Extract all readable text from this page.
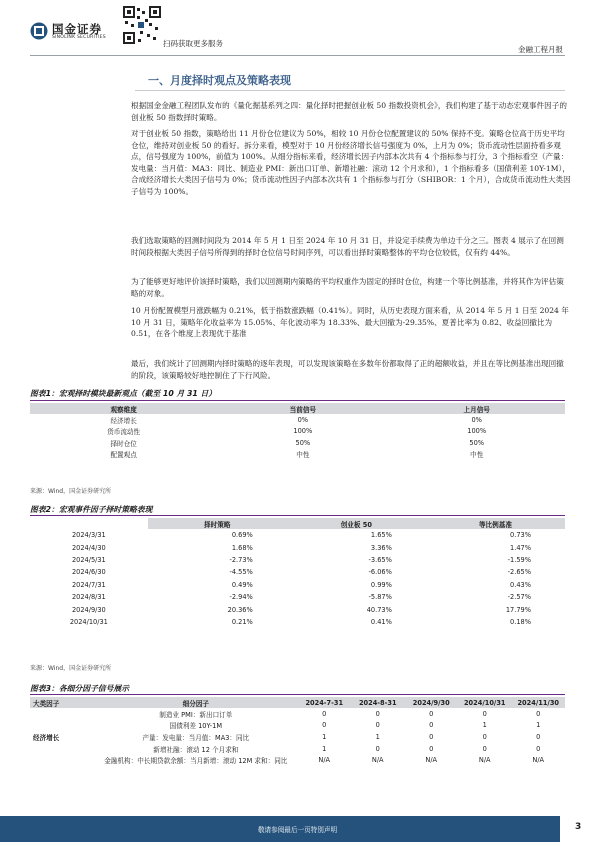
国金证券
SINOLINK SECURITIES
扫码获取更多服务
金融工程月报
一、月度择时观点及策略表现

根据国金金融工程团队发布的《量化掘基系列之四：量化择时把握创业板 50 指数投资机会》，我们构建了基于动态宏观事件因子的创业板 50 指数择时策略。

对于创业板 50 指数，策略给出 11 月份仓位建议为 50%，相较 10 月份仓位配置建议的 50% 保持不变。策略仓位高于历史平均仓位，维持对创业板 50 的看好。拆分来看，模型对于 10 月份经济增长信号强度为 0%，上月为 0%；货币流动性层面持看多观点，信号强度为 100%，前值为 100%。从细分指标来看，经济增长因子内部本次共有 4 个指标参与打分，3 个指标看空（产量：发电量：当月值：MA3：同比、制造业 PMI：新出口订单、新增社融：滚动 12 个月求和），1 个指标看多（国债利差 10Y-1M），合成经济增长大类因子信号为 0%；货币流动性因子内部本次共有 1 个指标参与打分（SHIBOR：1 个月），合成货币流动性大类因子信号为 100%。

我们选取策略的回测时间段为 2014 年 5 月 1 日至 2024 年 10 月 31 日，并设定手续费为单边千分之三。图表 4 展示了在回测时间段根据大类因子信号所得到的择时仓位信号时间序列，可以看出择时策略整体的平均仓位较低，仅有约 44%。

为了能够更好地评价该择时策略，我们以回测期内策略的平均权重作为固定的择时仓位，构建一个等比例基准，并将其作为评估策略的对象。

10 月份配置模型月涨跌幅为 0.21%，低于指数涨跌幅（0.41%）。同时，从历史表现方面来看，从 2014 年 5 月 1 日至 2024 年 10 月 31 日，策略年化收益率为 15.05%、年化波动率为 18.33%、最大回撤为-29.35%、夏普比率为 0.82、收益回撤比为 0.51，在各个维度上表现优于基准

最后，我们统计了回测期内择时策略的逐年表现，可以发现该策略在多数年份都取得了正的超额收益，并且在等比例基准出现回撤的阶段，该策略较好地控制住了下行风险。

图表1：宏观择时模块最新观点（截至 10 月 31 日）
观察维度	当前信号	上月信号
经济增长	0%	0%
货币流动性	100%	100%
择时仓位	50%	50%
配置观点	中性	中性
来源：Wind，国金证券研究所
图表2：宏观事件因子择时策略表现
	择时策略	创业板 50	等比例基准
2024/3/31	0.69%	1.65%	0.73%
2024/4/30	1.68%	3.36%	1.47%
2024/5/31	-2.73%	-3.65%	-1.59%
2024/6/30	-4.55%	-6.06%	-2.65%
2024/7/31	0.49%	0.99%	0.43%
2024/8/31	-2.94%	-5.87%	-2.57%
2024/9/30	20.36%	40.73%	17.79%
2024/10/31	0.21%	0.41%	0.18%
来源：Wind，国金证券研究所
图表3：各细分因子信号展示
大类因子	细分因子	2024-7-31	2024-8-31	2024/9/30	2024/10/31	2024/11/30
经济增长	制造业 PMI：新出口订单	0	0	0	0	0
	国债利差 10Y-1M	0	0	0	1	1
	产量：发电量：当月值：MA3：同比	1	1	0	0	0
	新增社融：滚动 12 个月求和	1	0	0	0	0
	金融机构：中长期贷款余额：当月新增：滚动 12M 求和：同比	N/A	N/A	N/A	N/A	N/A
敬请参阅最后一页特别声明	3
